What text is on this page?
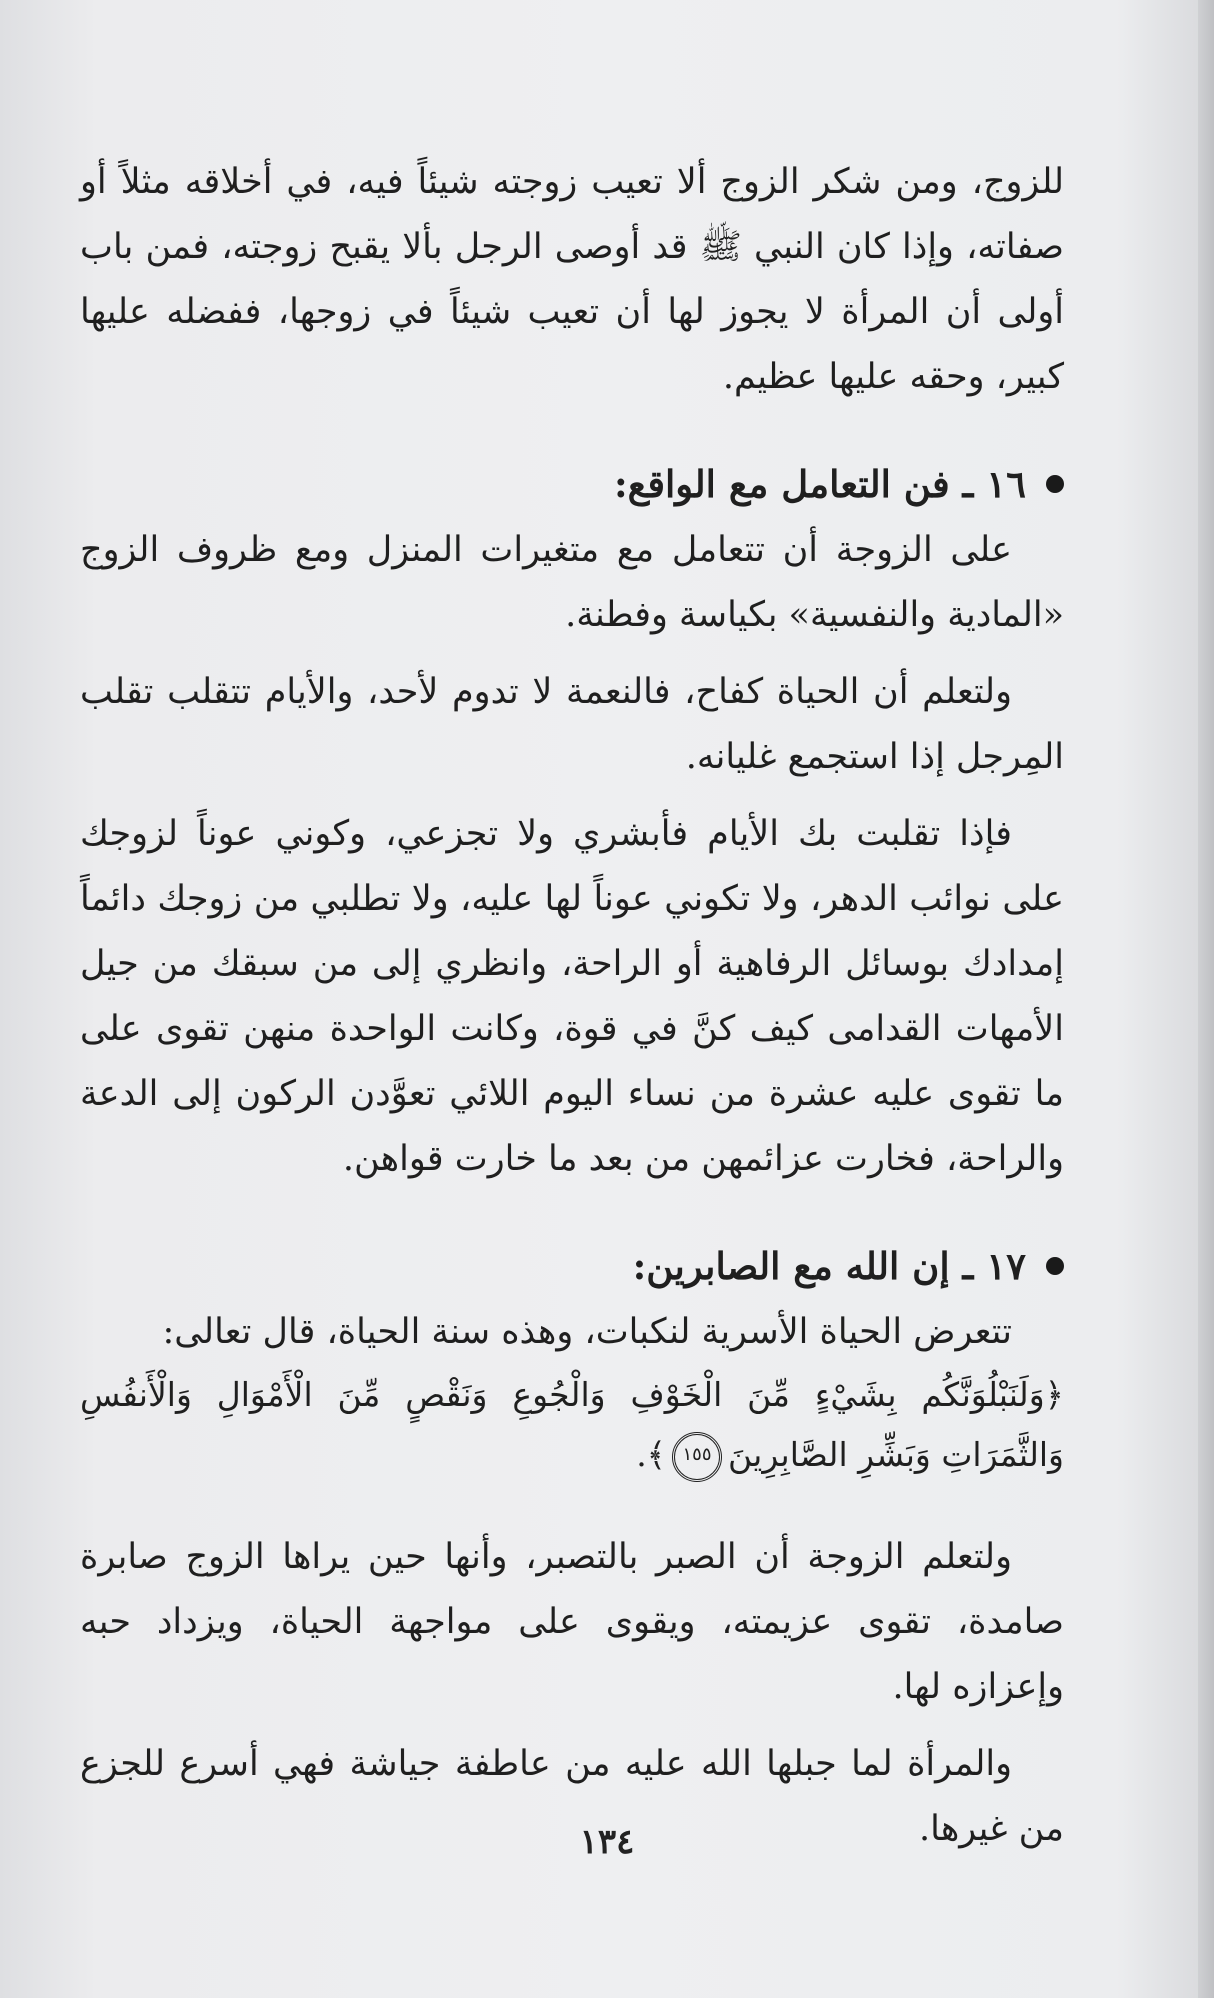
للزوج، ومن شكر الزوج ألا تعيب زوجته شيئاً فيه، في أخلاقه مثلاً أو صفاته، وإذا كان النبي ﷺ قد أوصى الرجل بألا يقبح زوجته، فمن باب أولى أن المرأة لا يجوز لها أن تعيب شيئاً في زوجها، ففضله عليها كبير، وحقه عليها عظيم.

١٦ ـ فن التعامل مع الواقع:

على الزوجة أن تتعامل مع متغيرات المنزل ومع ظروف الزوج «المادية والنفسية» بكياسة وفطنة.

ولتعلم أن الحياة كفاح، فالنعمة لا تدوم لأحد، والأيام تتقلب تقلب المِرجل إذا استجمع غليانه.

فإذا تقلبت بك الأيام فأبشري ولا تجزعي، وكوني عوناً لزوجك على نوائب الدهر، ولا تكوني عوناً لها عليه، ولا تطلبي من زوجك دائماً إمدادك بوسائل الرفاهية أو الراحة، وانظري إلى من سبقك من جيل الأمهات القدامى كيف كنَّ في قوة، وكانت الواحدة منهن تقوى على ما تقوى عليه عشرة من نساء اليوم اللائي تعوَّدن الركون إلى الدعة والراحة، فخارت عزائمهن من بعد ما خارت قواهن.

١٧ ـ إن الله مع الصابرين:

تتعرض الحياة الأسرية لنكبات، وهذه سنة الحياة، قال تعالى:

﴿وَلَنَبْلُوَنَّكُم بِشَيْءٍ مِّنَ الْخَوْفِ وَالْجُوعِ وَنَقْصٍ مِّنَ الْأَمْوَالِ وَالْأَنفُسِ وَالثَّمَرَاتِ وَبَشِّرِ الصَّابِرِينَ١٥٥﴾.

ولتعلم الزوجة أن الصبر بالتصبر، وأنها حين يراها الزوج صابرة صامدة، تقوى عزيمته، ويقوى على مواجهة الحياة، ويزداد حبه وإعزازه لها.

والمرأة لما جبلها الله عليه من عاطفة جياشة فهي أسرع للجزع من غيرها.

١٣٤
